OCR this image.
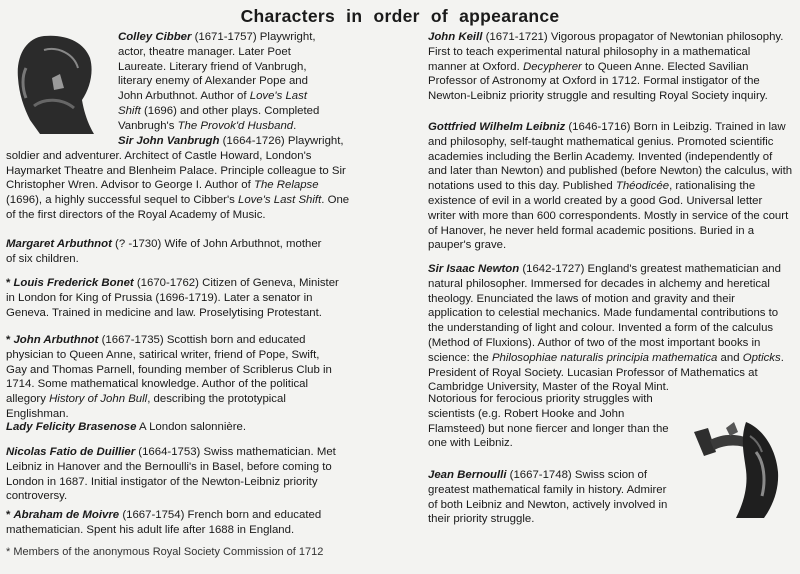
Characters in order of appearance
Colley Cibber (1671-1757) Playwright, actor, theatre manager. Later Poet Laureate. Literary friend of Vanbrugh, literary enemy of Alexander Pope and John Arbuthnot. Author of Love's Last Shift (1696) and other plays. Completed Vanbrugh's The Provok'd Husband.
Sir John Vanbrugh (1664-1726) Playwright, soldier and adventurer. Architect of Castle Howard, London's Haymarket Theatre and Blenheim Palace. Principle colleague to Sir Christopher Wren. Advisor to George I. Author of The Relapse (1696), a highly successful sequel to Cibber's Love's Last Shift. One of the first directors of the Royal Academy of Music.
Margaret Arbuthnot (? -1730) Wife of John Arbuthnot, mother of six children.
* Louis Frederick Bonet (1670-1762) Citizen of Geneva, Minister in London for King of Prussia (1696-1719). Later a senator in Geneva. Trained in medicine and law. Proselytising Protestant.
* John Arbuthnot (1667-1735) Scottish born and educated physician to Queen Anne, satirical writer, friend of Pope, Swift, Gay and Thomas Parnell, founding member of Scriblerus Club in 1714. Some mathematical knowledge. Author of the political allegory History of John Bull, describing the prototypical Englishman.
Lady Felicity Brasenose A London salonnière.
Nicolas Fatio de Duillier (1664-1753) Swiss mathematician. Met Leibniz in Hanover and the Bernoulli's in Basel, before coming to London in 1687. Initial instigator of the Newton-Leibniz priority controversy.
* Abraham de Moivre (1667-1754) French born and educated mathematician. Spent his adult life after 1688 in England.
* Members of the anonymous Royal Society Commission of 1712
John Keill (1671-1721) Vigorous propagator of Newtonian philosophy. First to teach experimental natural philosophy in a mathematical manner at Oxford. Decypherer to Queen Anne. Elected Savilian Professor of Astronomy at Oxford in 1712. Formal instigator of the Newton-Leibniz priority struggle and resulting Royal Society inquiry.
Gottfried Wilhelm Leibniz (1646-1716) Born in Leibzig. Trained in law and philosophy, self-taught mathematical genius. Promoted scientific academies including the Berlin Academy. Invented (independently of and later than Newton) and published (before Newton) the calculus, with notations used to this day. Published Théodicée, rationalising the existence of evil in a world created by a good God. Universal letter writer with more than 600 correspondents. Mostly in service of the court of Hanover, he never held formal academic positions. Buried in a pauper's grave.
Sir Isaac Newton (1642-1727) England's greatest mathematician and natural philosopher. Immersed for decades in alchemy and heretical theology. Enunciated the laws of motion and gravity and their application to celestial mechanics. Made fundamental contributions to the understanding of light and colour. Invented a form of the calculus (Method of Fluxions). Author of two of the most important books in science: the Philosophiae naturalis principia mathematica and Opticks. President of Royal Society. Lucasian Professor of Mathematics at Cambridge University, Master of the Royal Mint.
Notorious for ferocious priority struggles with scientists (e.g. Robert Hooke and John Flamsteed) but none fiercer and longer than the one with Leibniz.
Jean Bernoulli (1667-1748) Swiss scion of greatest mathematical family in history. Admirer of both Leibniz and Newton, actively involved in their priority struggle.
